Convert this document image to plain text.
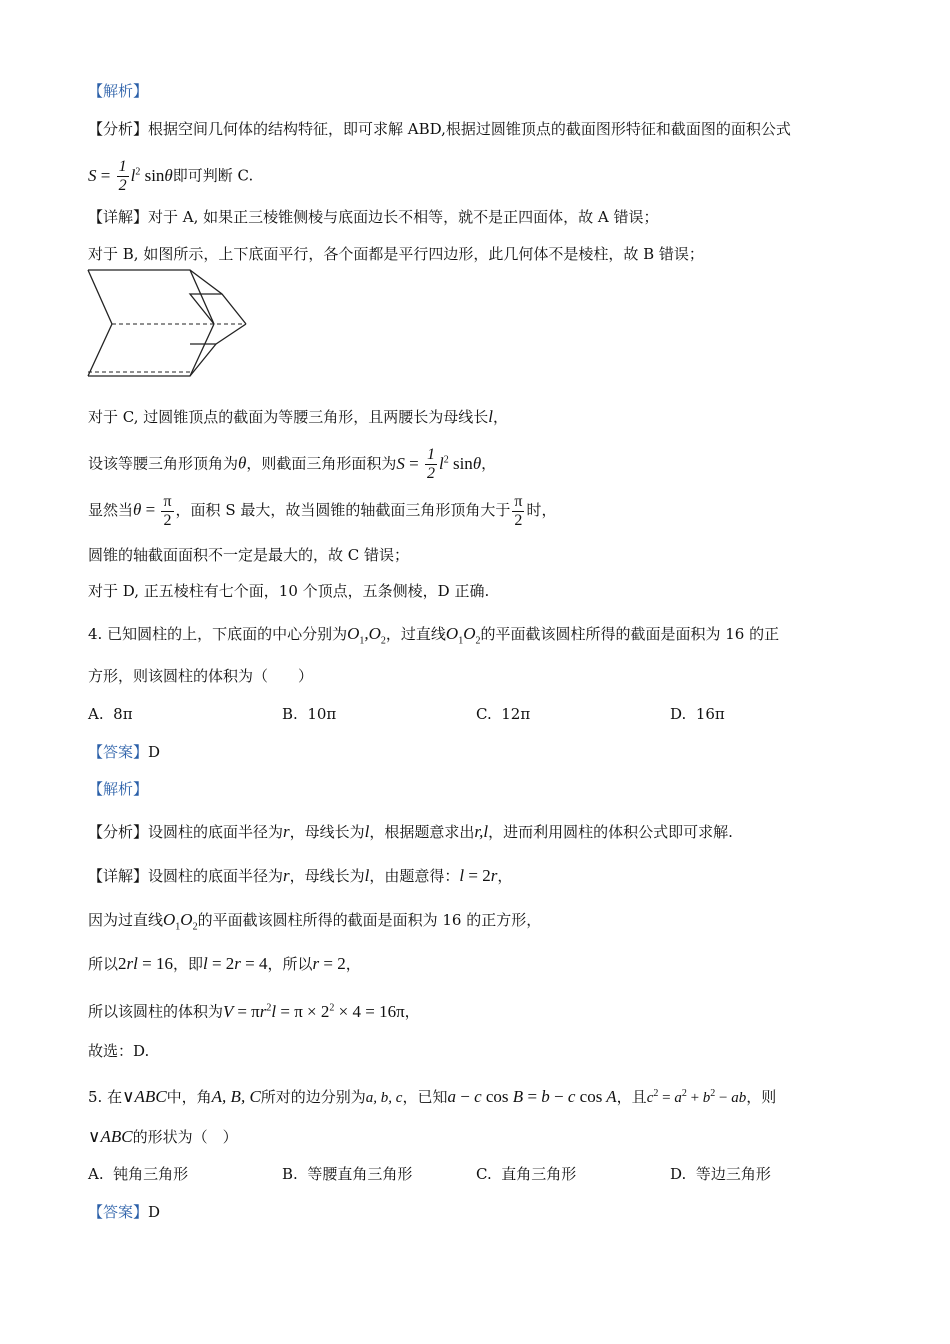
【解析】
【分析】根据空间几何体的结构特征，即可求解 ABD,根据过圆锥顶点的截面图形特征和截面图的面积公式
$S = \frac{1}{2} l^2$ sinθ即可判断 C.
【详解】对于 A, 如果正三棱锥侧棱与底面边长不相等，就不是正四面体，故 A 错误；
对于 B, 如图所示，上下底面平行，各个面都是平行四边形，此几何体不是棱柱，故 B 错误；
对于 C, 过圆锥顶点的截面为等腰三角形，且两腰长为母线长l，
设该等腰三角形顶角为θ，则截面三角形面积为$S = \frac{1}{2} l^2$ sinθ，
显然当$\theta = \frac{\pi}{2}$ ，面积 S 最大，故当圆锥的轴截面三角形顶角大于 $\frac{\pi}{2}$ 时，
圆锥的轴截面面积不一定是最大的，故 C 错误；
对于 D, 正五棱柱有七个面，10 个顶点，五条侧棱，D 正确.
4. 已知圆柱的上，下底面的中心分别为$O_1,O_2$，过直线$O_1O_2$的平面截该圆柱所得的截面是面积为 16 的正
方形，则该圆柱的体积为（　　）
A. 8π	B. 10π	C. 12π	D. 16π
【答案】D
【解析】
【分析】设圆柱的底面半径为r，母线长为l，根据题意求出r,l，进而利用圆柱的体积公式即可求解.
【详解】设圆柱的底面半径为r，母线长为l，由题意得：l = 2r，
因为过直线$O_1O_2$的平面截该圆柱所得的截面是面积为 16 的正方形，
所以2rl = 16，即l = 2r = 4，所以r = 2，
所以该圆柱的体积为$V = \pi r^2l = \pi \times 2^2 \times 4 = 16\pi$，
故选：D.
5. 在∨ABC中，角A, B, C所对的边分别为a, b, c，已知a − c cos B = b − c cos A，且$c^2 = a^2 + b^2$ − ab，则
∨ABC的形状为（　）
A. 钝角三角形	B. 等腰直角三角形	C. 直角三角形	D. 等边三角形
【答案】D
